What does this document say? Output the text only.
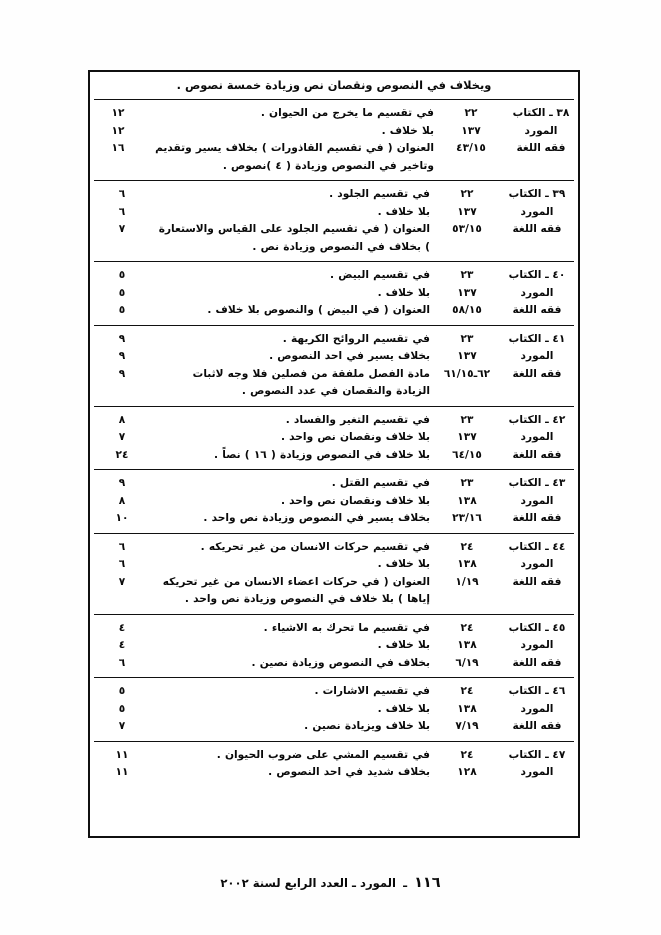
ويخلاف في النصوص ونقصان نص وزيادة خمسة نصوص .
٣٨ ـ الكتاب
٢٢
في تقسيم ما يخرج من الحيوان .
١٢
المورد
١٣٧
بلا خلاف .
١٢
فقه اللغة
٤٣/١٥
العنوان ( في تقسيم القاذورات ) بخلاف يسير وتقديم وتاخير في النصوص وزيادة ( ٤ )نصوص .
١٦
٣٩ ـ الكتاب
٢٢
في تقسيم الجلود .
٦
المورد
١٣٧
بلا خلاف .
٦
فقه اللغة
٥٣/١٥
العنوان ( في تقسيم الجلود على القياس والاستعارة ) بخلاف في النصوص وزيادة نص .
٧
٤٠ ـ الكتاب
٢٣
في تقسيم البيض .
٥
المورد
١٣٧
بلا خلاف .
٥
فقه اللغة
٥٨/١٥
العنوان ( في البيض ) والنصوص بلا خلاف .
٥
٤١ ـ الكتاب
٢٣
في تقسيم الروائح الكريهة .
٩
المورد
١٣٧
بخلاف يسير في احد النصوص .
٩
فقه اللغة
٦٢ـ٦١/١٥
مادة الفصل ملفقة من فصلين فلا وجه لاثبات الزيادة والنقصان في عدد النصوص .
٩
٤٢ ـ الكتاب
٢٣
في تقسيم التغير والفساد .
٨
المورد
١٣٧
بلا خلاف ونقصان نص واحد .
٧
فقه اللغة
٦٤/١٥
بلا خلاف في النصوص وزيادة ( ١٦ ) نصاً .
٢٤
٤٣ ـ الكتاب
٢٣
في تقسيم القتل .
٩
المورد
١٣٨
بلا خلاف ونقصان نص واحد .
٨
فقه اللغة
٢٣/١٦
بخلاف يسير في النصوص وزيادة نص واحد .
١٠
٤٤ ـ الكتاب
٢٤
في تقسيم حركات الانسان من غير تحريكه .
٦
المورد
١٣٨
بلا خلاف .
٦
فقه اللغة
١/١٩
العنوان ( في حركات اعضاء الانسان من غير تحريكه إياها ) بلا خلاف في النصوص وزيادة نص واحد .
٧
٤٥ ـ الكتاب
٢٤
في تقسيم ما تحرك به الاشياء .
٤
المورد
١٣٨
بلا خلاف .
٤
فقه اللغة
٦/١٩
بخلاف في النصوص وزيادة نصين .
٦
٤٦ ـ الكتاب
٢٤
في تقسيم الاشارات .
٥
المورد
١٣٨
بلا خلاف .
٥
فقه اللغة
٧/١٩
بلا خلاف ويزيادة نصين .
٧
٤٧ ـ الكتاب
٢٤
في تقسيم المشي على ضروب الحيوان .
١١
المورد
١٢٨
بخلاف شديد في احد النصوص .
١١
١١٦ ـ المورد ـ العدد الرابع لسنة ٢٠٠٢
